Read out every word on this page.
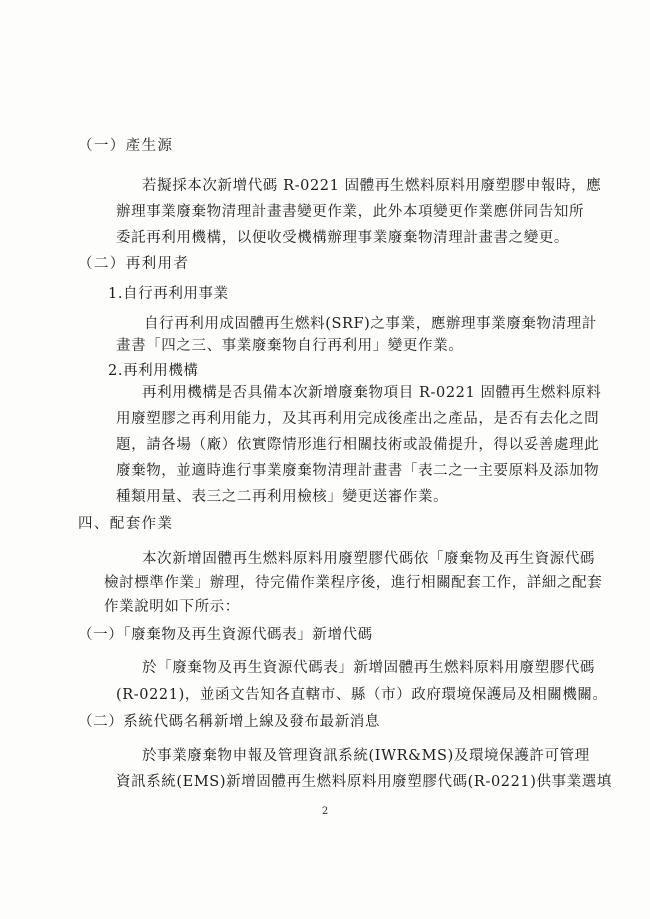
（一）產生源
若擬採本次新增代碼 R-0221 固體再生燃料原料用廢塑膠申報時，應
辦理事業廢棄物清理計畫書變更作業，此外本項變更作業應併同告知所
委託再利用機構，以便收受機構辦理事業廢棄物清理計畫書之變更。
（二）再利用者
1.自行再利用事業
自行再利用成固體再生燃料(SRF)之事業，應辦理事業廢棄物清理計
畫書「四之三、事業廢棄物自行再利用」變更作業。
2.再利用機構
再利用機構是否具備本次新增廢棄物項目 R-0221 固體再生燃料原料
用廢塑膠之再利用能力，及其再利用完成後產出之產品，是否有去化之問
題，請各場（廠）依實際情形進行相關技術或設備提升，得以妥善處理此
廢棄物，並適時進行事業廢棄物清理計畫書「表二之一主要原料及添加物
種類用量、表三之二再利用檢核」變更送審作業。
四、配套作業
本次新增固體再生燃料原料用廢塑膠代碼依「廢棄物及再生資源代碼
檢討標準作業」辦理，待完備作業程序後，進行相關配套工作，詳細之配套
作業說明如下所示：
（一）「廢棄物及再生資源代碼表」新增代碼
於「廢棄物及再生資源代碼表」新增固體再生燃料原料用廢塑膠代碼
(R-0221)，並函文告知各直轄市、縣（市）政府環境保護局及相關機關。
（二）系統代碼名稱新增上線及發布最新消息
於事業廢棄物申報及管理資訊系統(IWR&MS)及環境保護許可管理
資訊系統(EMS)新增固體再生燃料原料用廢塑膠代碼(R-0221)供事業選填
2
